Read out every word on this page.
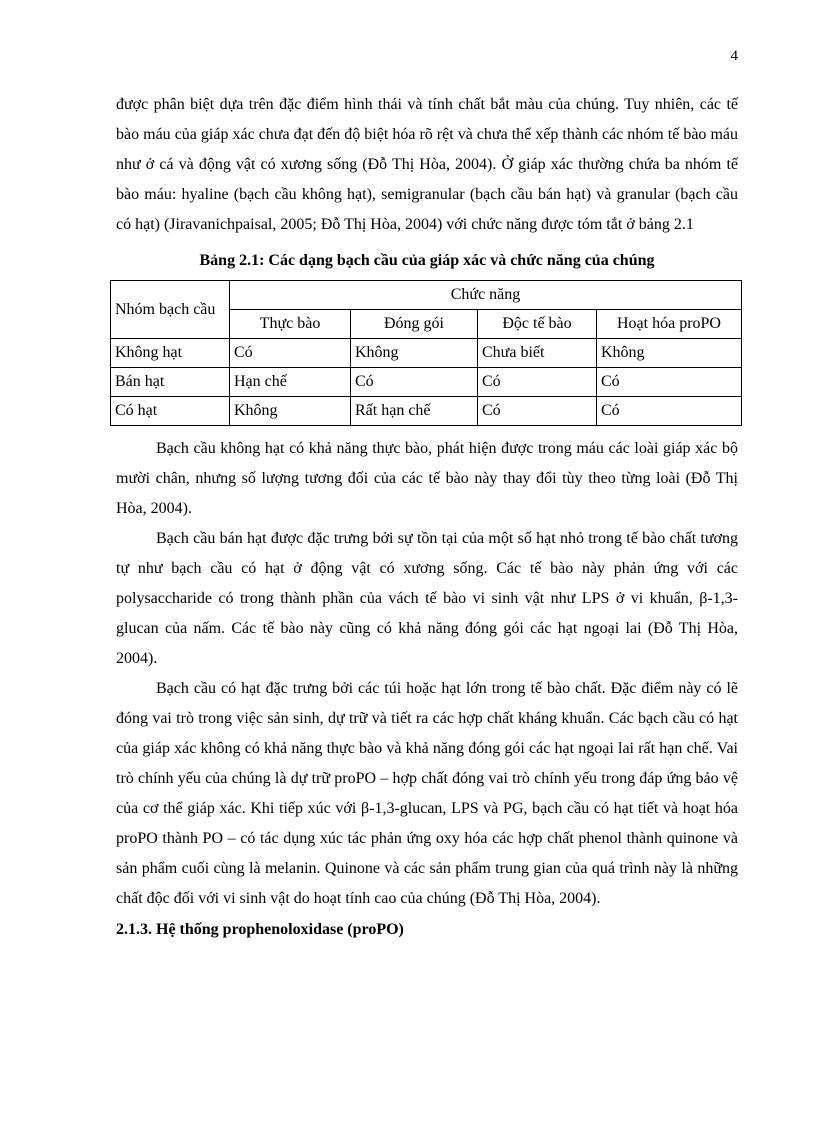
4

được phân biệt dựa trên đặc điểm hình thái và tính chất bắt màu của chúng. Tuy nhiên, các tế bào máu của giáp xác chưa đạt đến độ biệt hóa rõ rệt và chưa thể xếp thành các nhóm tế bào máu như ở cá và động vật có xương sống (Đỗ Thị Hòa, 2004). Ở giáp xác thường chứa ba nhóm tế bào máu: hyaline (bạch cầu không hạt), semigranular (bạch cầu bán hạt) và granular (bạch cầu có hạt) (Jiravanichpaisal, 2005; Đỗ Thị Hòa, 2004) với chức năng được tóm tắt ở bảng 2.1

Bảng 2.1: Các dạng bạch cầu của giáp xác và chức năng của chúng
Nhóm bạch cầu	Chức năng			
	Thực bào	Đóng gói	Độc tế bào	Hoạt hóa proPO
Không hạt	Có	Không	Chưa biết	Không
Bán hạt	Hạn chế	Có	Có	Có
Có hạt	Không	Rất hạn chế	Có	Có

Bạch cầu không hạt có khả năng thực bào, phát hiện được trong máu các loài giáp xác bộ mười chân, nhưng số lượng tương đối của các tế bào này thay đổi tùy theo từng loài (Đỗ Thị Hòa, 2004).

Bạch cầu bán hạt được đặc trưng bởi sự tồn tại của một số hạt nhỏ trong tế bào chất tương tự như bạch cầu có hạt ở động vật có xương sống. Các tế bào này phản ứng với các polysaccharide có trong thành phần của vách tế bào vi sinh vật như LPS ở vi khuẩn, β-1,3-glucan của nấm. Các tế bào này cũng có khả năng đóng gói các hạt ngoại lai (Đỗ Thị Hòa, 2004).

Bạch cầu có hạt đặc trưng bởi các túi hoặc hạt lớn trong tế bào chất. Đặc điểm này có lẽ đóng vai trò trong việc sản sinh, dự trữ và tiết ra các hợp chất kháng khuẩn. Các bạch cầu có hạt của giáp xác không có khả năng thực bào và khả năng đóng gói các hạt ngoại lai rất hạn chế. Vai trò chính yếu của chúng là dự trữ proPO – hợp chất đóng vai trò chính yếu trong đáp ứng bảo vệ của cơ thể giáp xác. Khi tiếp xúc với β-1,3-glucan, LPS và PG, bạch cầu có hạt tiết và hoạt hóa proPO thành PO – có tác dụng xúc tác phản ứng oxy hóa các hợp chất phenol thành quinone và sản phẩm cuối cùng là melanin. Quinone và các sản phẩm trung gian của quá trình này là những chất độc đối với vi sinh vật do hoạt tính cao của chúng (Đỗ Thị Hòa, 2004).

2.1.3. Hệ thống prophenoloxidase (proPO)
